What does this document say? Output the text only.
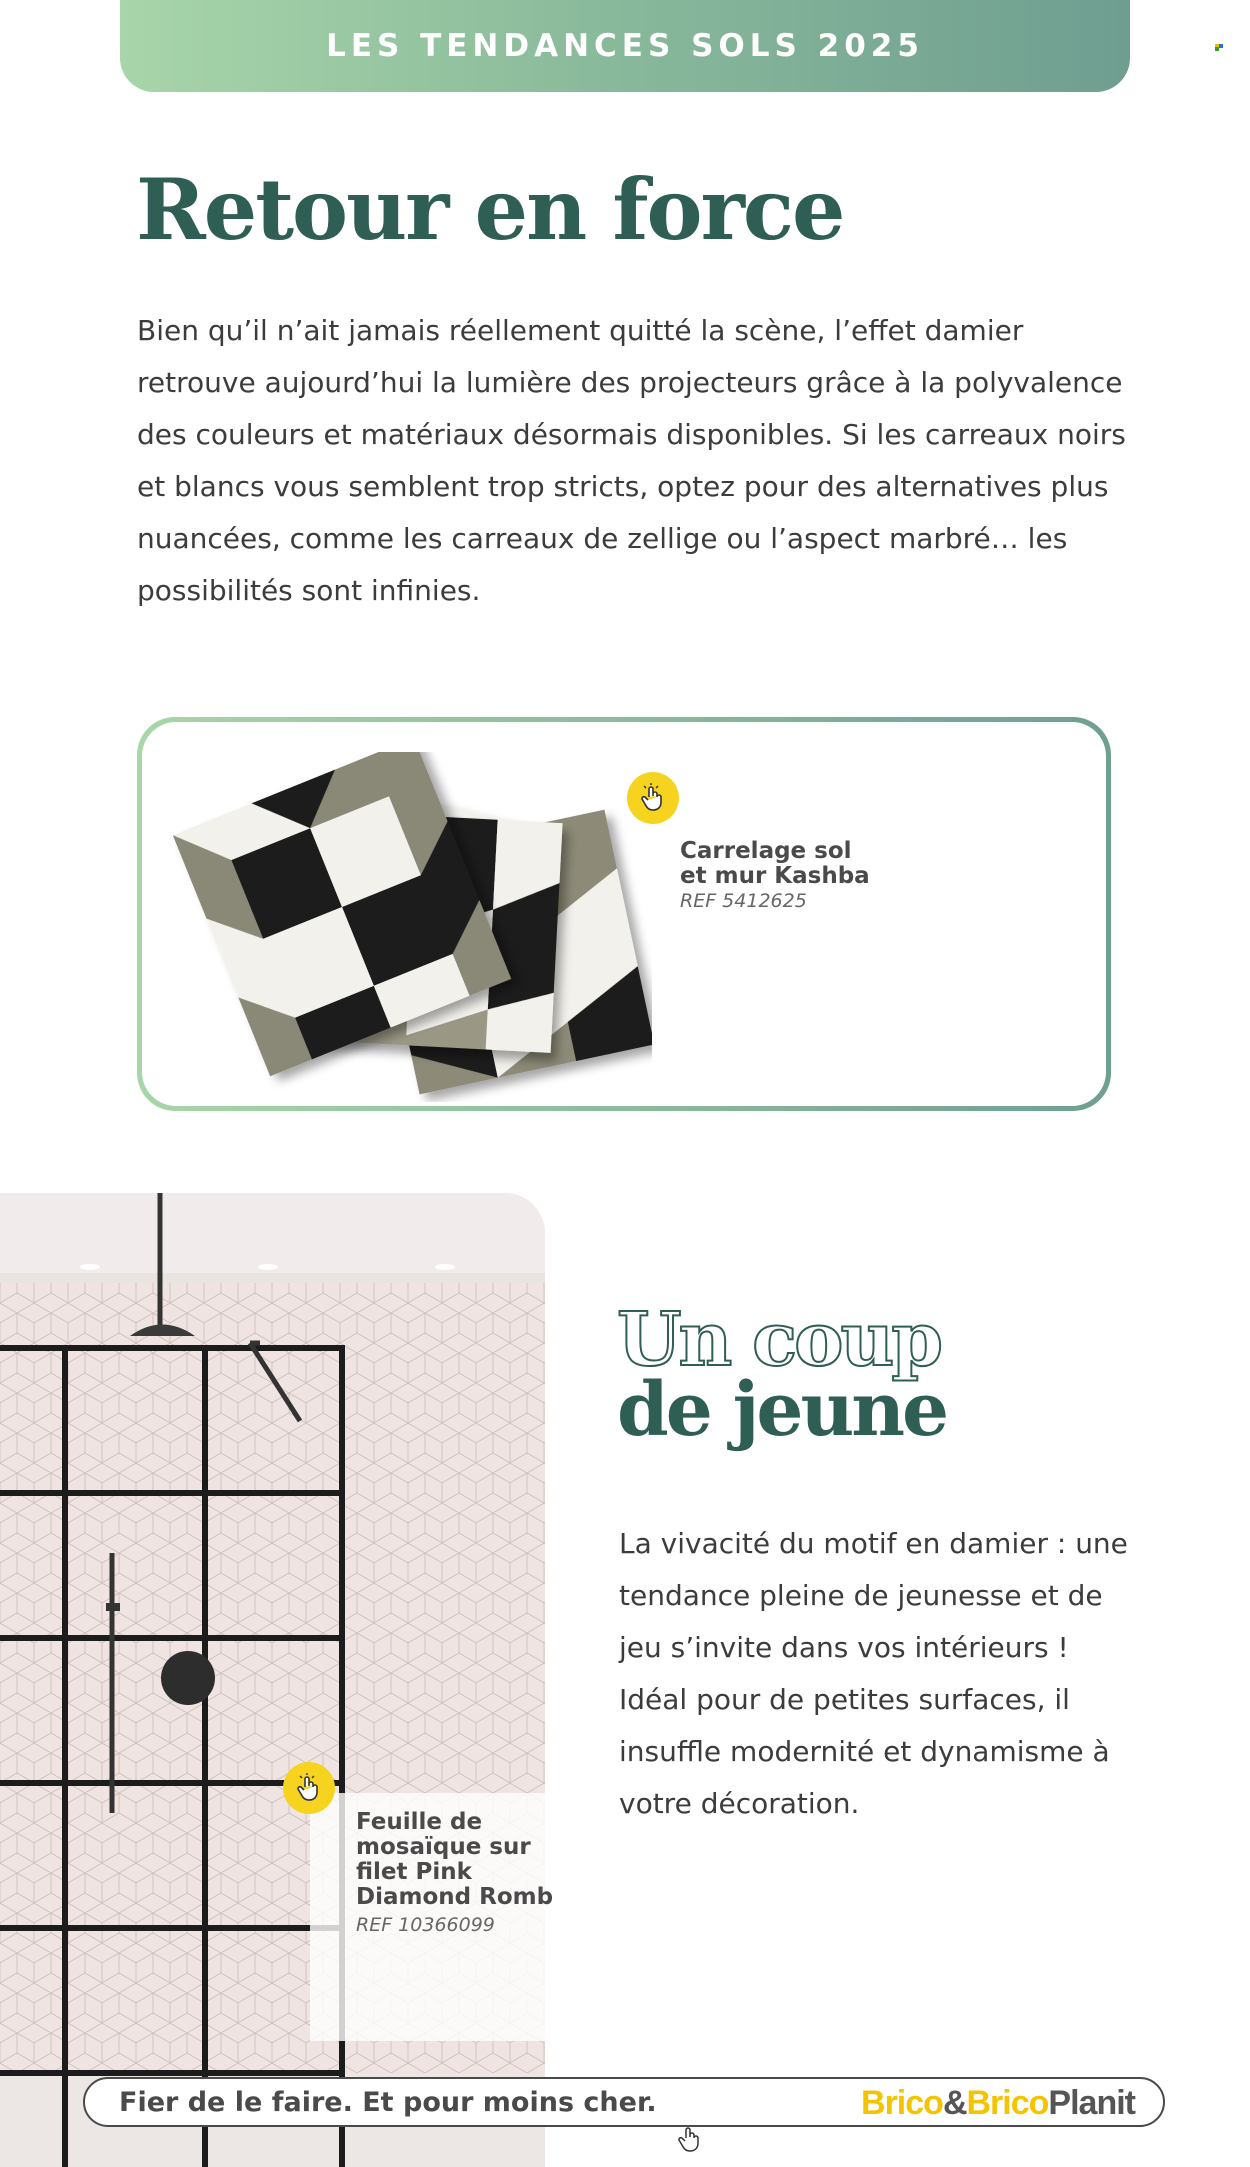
LES TENDANCES SOLS 2025
Retour en force

Bien qu’il n’ait jamais réellement quitté la scène, l’effet damier retrouve aujourd’hui la lumière des projecteurs grâce à la polyvalence des couleurs et matériaux désormais disponibles. Si les carreaux noirs et blancs vous semblent trop stricts, optez pour des alternatives plus nuancées, comme les carreaux de zellige ou l’aspect marbré… les possibilités sont infinies.

Carrelage sol
et mur Kashba

REF 5412625

Feuille de
mosaïque sur
filet Pink
Diamond Romb

REF 10366099

Un coup
de jeune

La vivacité du motif en damier : une tendance pleine de jeunesse et de jeu s’invite dans vos intérieurs ! Idéal pour de petites surfaces, il insuffle modernité et dynamisme à votre décoration.

Fier de le faire. Et pour moins cher.	Brico&BricoPlanit
